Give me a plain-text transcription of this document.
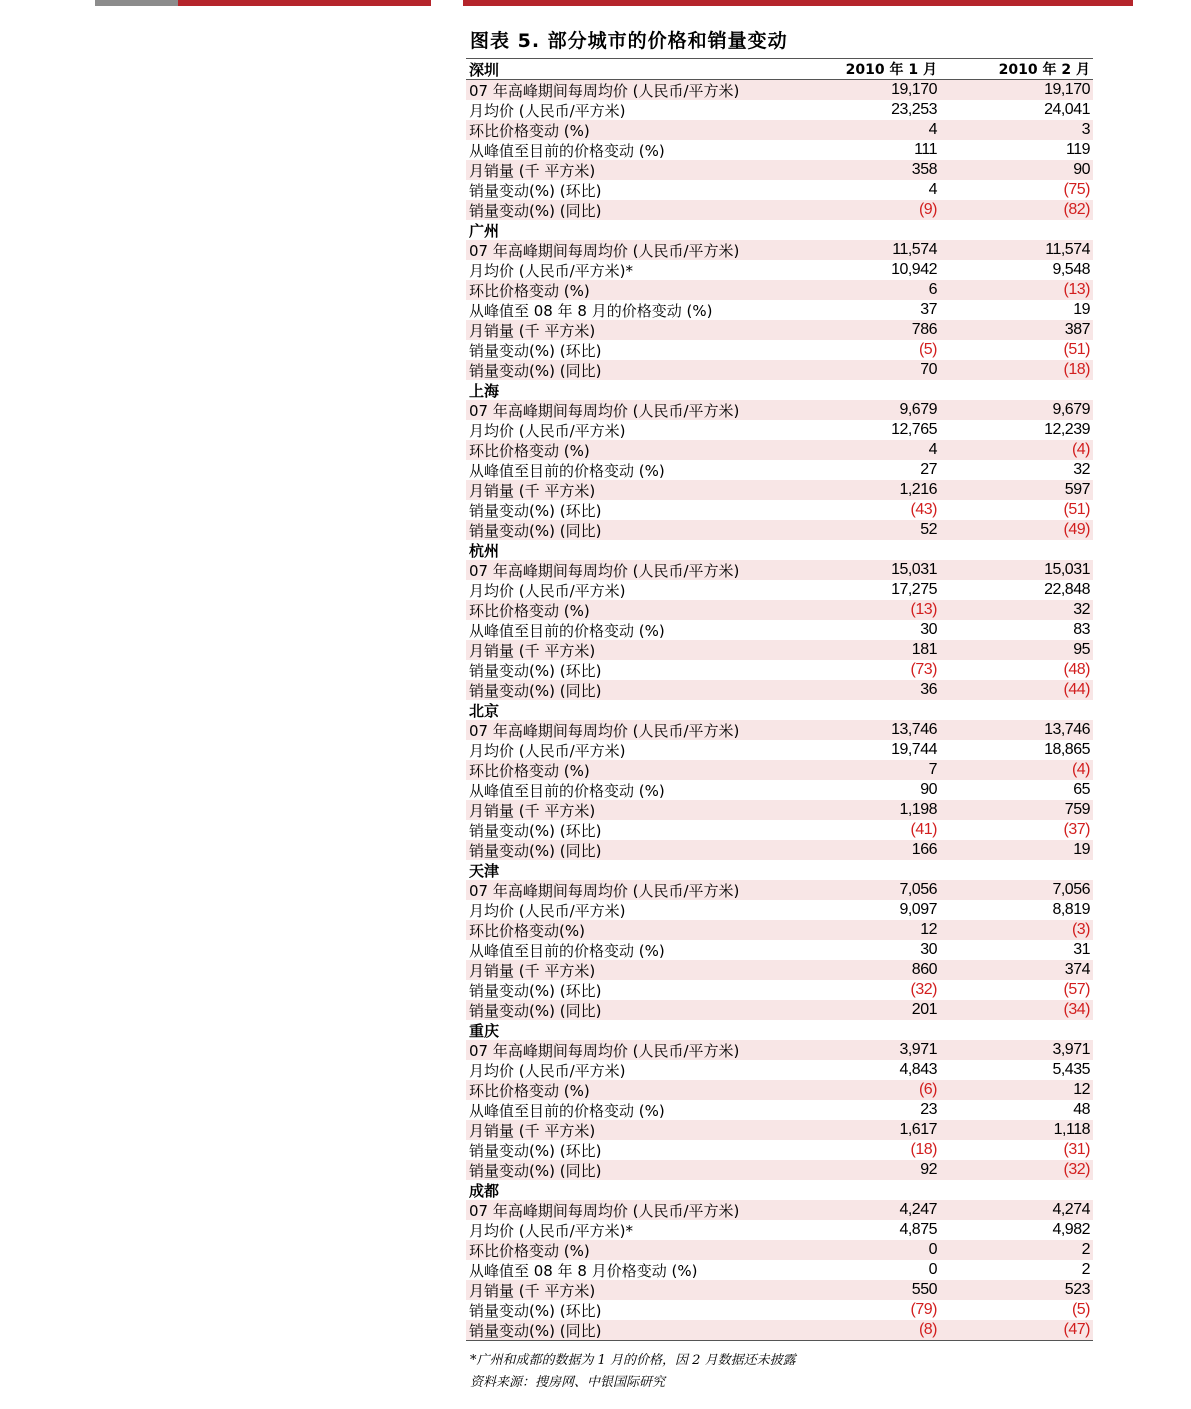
图表 5. 部分城市的价格和销量变动
深圳	2010 年 1 月	2010 年 2 月
07 年高峰期间每周均价 (人民币/平方米)	19,170	19,170
月均价 (人民币/平方米)	23,253	24,041
环比价格变动 (%)	4	3
从峰值至目前的价格变动 (%)	111	119
月销量 (千 平方米)	358	90
销量变动(%) (环比)	4	(75)
销量变动(%) (同比)	(9)	(82)
广州
07 年高峰期间每周均价 (人民币/平方米)	11,574	11,574
月均价 (人民币/平方米)*	10,942	9,548
环比价格变动 (%)	6	(13)
从峰值至 08 年 8 月的价格变动 (%)	37	19
月销量 (千 平方米)	786	387
销量变动(%) (环比)	(5)	(51)
销量变动(%) (同比)	70	(18)
上海
07 年高峰期间每周均价 (人民币/平方米)	9,679	9,679
月均价 (人民币/平方米)	12,765	12,239
环比价格变动 (%)	4	(4)
从峰值至目前的价格变动 (%)	27	32
月销量 (千 平方米)	1,216	597
销量变动(%) (环比)	(43)	(51)
销量变动(%) (同比)	52	(49)
杭州
07 年高峰期间每周均价 (人民币/平方米)	15,031	15,031
月均价 (人民币/平方米)	17,275	22,848
环比价格变动 (%)	(13)	32
从峰值至目前的价格变动 (%)	30	83
月销量 (千 平方米)	181	95
销量变动(%) (环比)	(73)	(48)
销量变动(%) (同比)	36	(44)
北京
07 年高峰期间每周均价 (人民币/平方米)	13,746	13,746
月均价 (人民币/平方米)	19,744	18,865
环比价格变动 (%)	7	(4)
从峰值至目前的价格变动 (%)	90	65
月销量 (千 平方米)	1,198	759
销量变动(%) (环比)	(41)	(37)
销量变动(%) (同比)	166	19
天津
07 年高峰期间每周均价 (人民币/平方米)	7,056	7,056
月均价 (人民币/平方米)	9,097	8,819
环比价格变动(%)	12	(3)
从峰值至目前的价格变动 (%)	30	31
月销量 (千 平方米)	860	374
销量变动(%) (环比)	(32)	(57)
销量变动(%) (同比)	201	(34)
重庆
07 年高峰期间每周均价 (人民币/平方米)	3,971	3,971
月均价 (人民币/平方米)	4,843	5,435
环比价格变动 (%)	(6)	12
从峰值至目前的价格变动 (%)	23	48
月销量 (千 平方米)	1,617	1,118
销量变动(%) (环比)	(18)	(31)
销量变动(%) (同比)	92	(32)
成都
07 年高峰期间每周均价 (人民币/平方米)	4,247	4,274
月均价 (人民币/平方米)*	4,875	4,982
环比价格变动 (%)	0	2
从峰值至 08 年 8 月价格变动 (%)	0	2
月销量 (千 平方米)	550	523
销量变动(%) (环比)	(79)	(5)
销量变动(%) (同比)	(8)	(47)
*广州和成都的数据为 1 月的价格，因 2 月数据还未披露
资料来源：搜房网、中银国际研究
